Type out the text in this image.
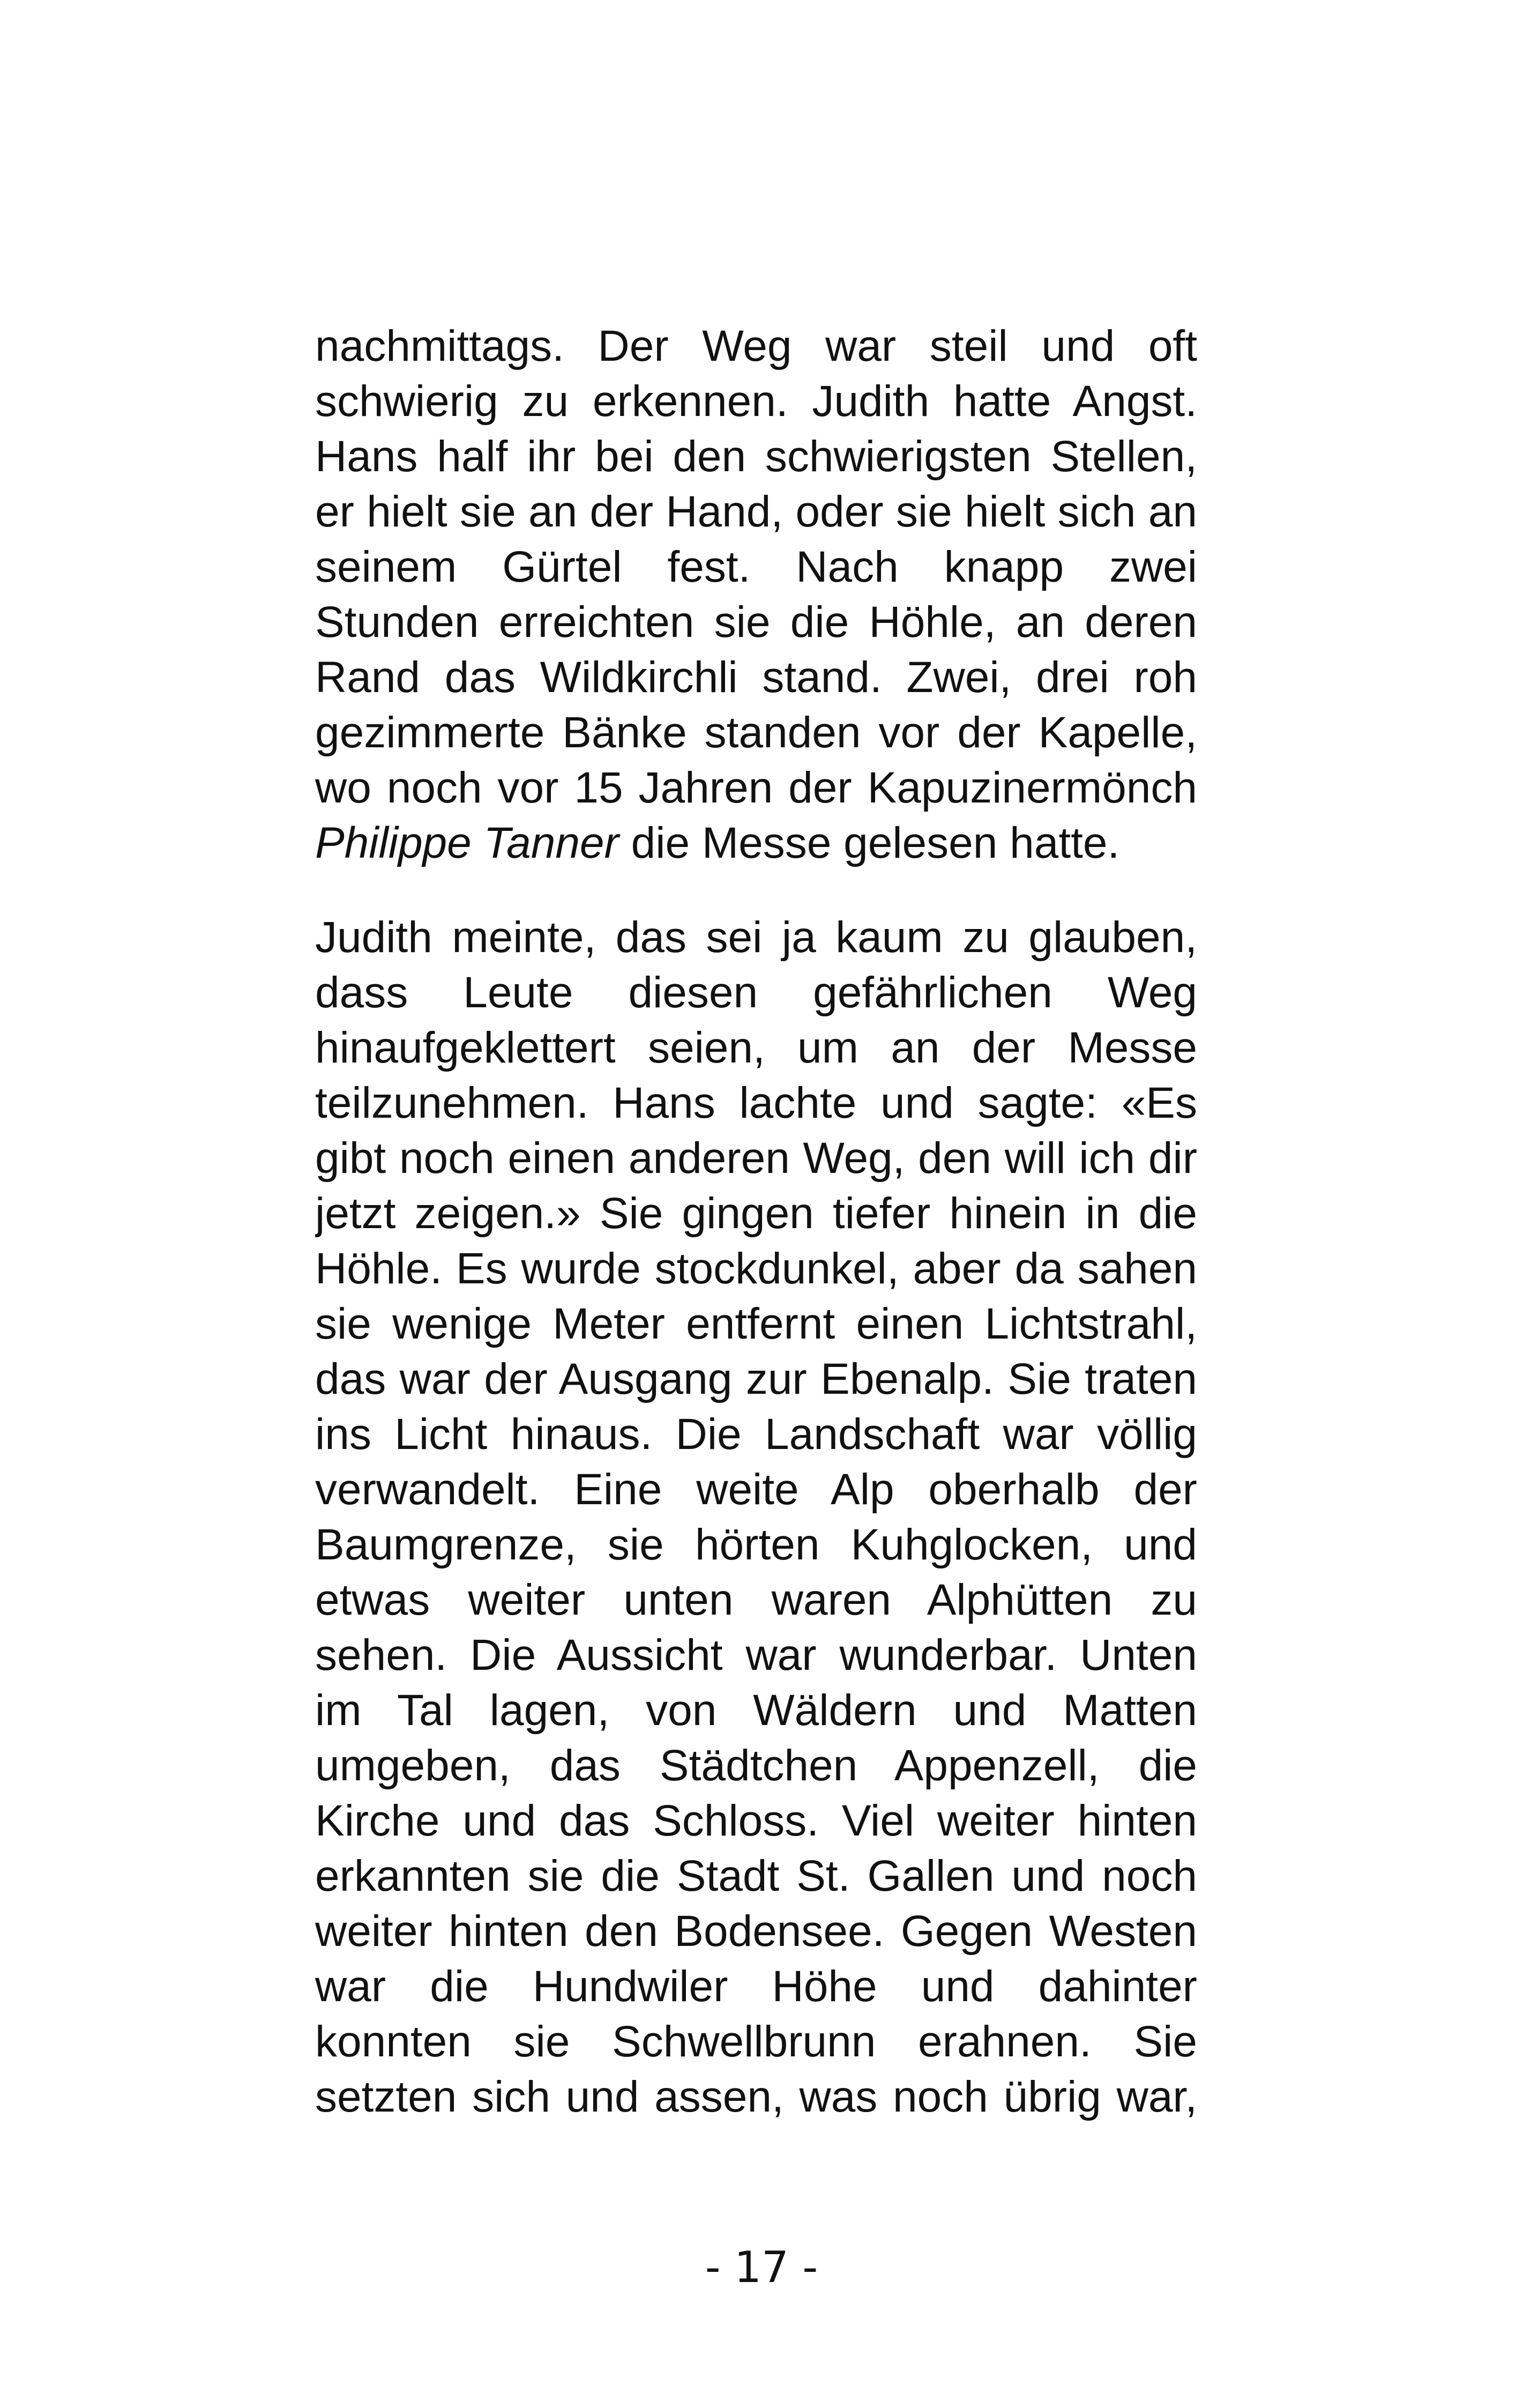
nachmittags. Der Weg war steil und oft
schwierig zu erkennen. Judith hatte Angst.
Hans half ihr bei den schwierigsten Stellen,
er hielt sie an der Hand, oder sie hielt sich an
seinem Gürtel fest. Nach knapp zwei
Stunden erreichten sie die Höhle, an deren
Rand das Wildkirchli stand. Zwei, drei roh
gezimmerte Bänke standen vor der Kapelle,
wo noch vor 15 Jahren der Kapuzinermönch
Philippe Tanner die Messe gelesen hatte.
Judith meinte, das sei ja kaum zu glauben,
dass Leute diesen gefährlichen Weg
hinaufgeklettert seien, um an der Messe
teilzunehmen. Hans lachte und sagte: «Es
gibt noch einen anderen Weg, den will ich dir
jetzt zeigen.» Sie gingen tiefer hinein in die
Höhle. Es wurde stockdunkel, aber da sahen
sie wenige Meter entfernt einen Lichtstrahl,
das war der Ausgang zur Ebenalp. Sie traten
ins Licht hinaus. Die Landschaft war völlig
verwandelt. Eine weite Alp oberhalb der
Baumgrenze, sie hörten Kuhglocken, und
etwas weiter unten waren Alphütten zu
sehen. Die Aussicht war wunderbar. Unten
im Tal lagen, von Wäldern und Matten
umgeben, das Städtchen Appenzell, die
Kirche und das Schloss. Viel weiter hinten
erkannten sie die Stadt St. Gallen und noch
weiter hinten den Bodensee. Gegen Westen
war die Hundwiler Höhe und dahinter
konnten sie Schwellbrunn erahnen. Sie
setzten sich und assen, was noch übrig war,
- 17 -
